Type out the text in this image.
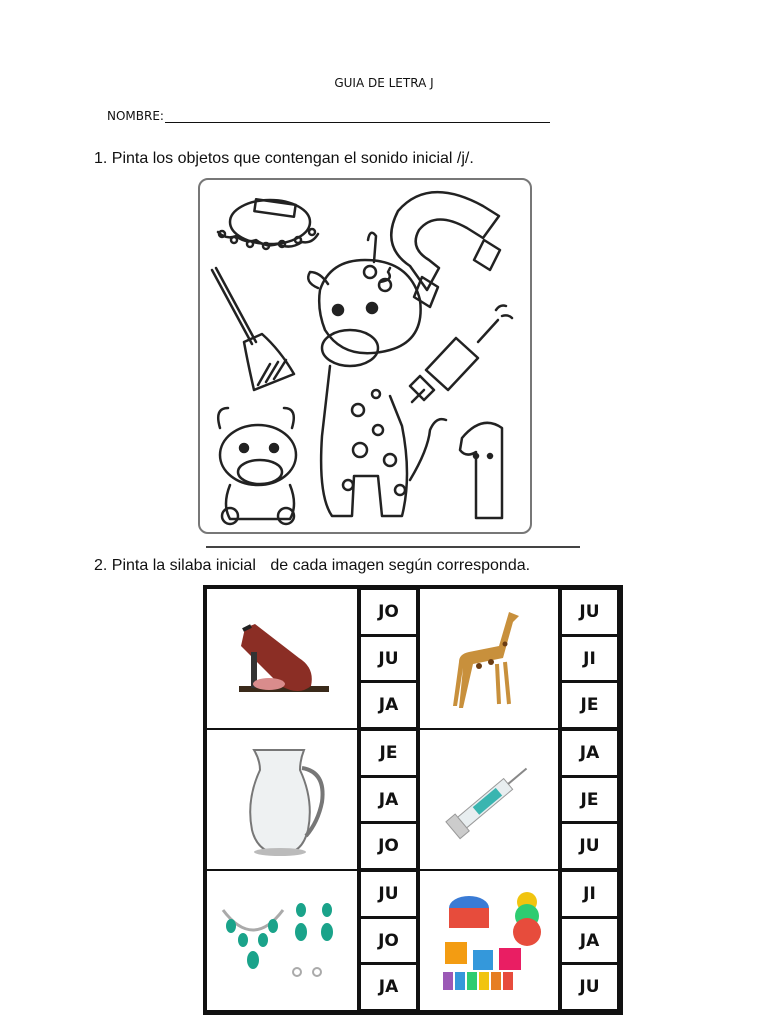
GUIA DE LETRA J
NOMBRE:
1. Pinta los objetos que contengan el sonido inicial /j/.
2. Pinta la silaba inicial de cada imagen según corresponda.
JO
JU
JA
JU
JI
JE
JE
JA
JO
JA
JE
JU
JU
JO
JA
JI
JA
JU
